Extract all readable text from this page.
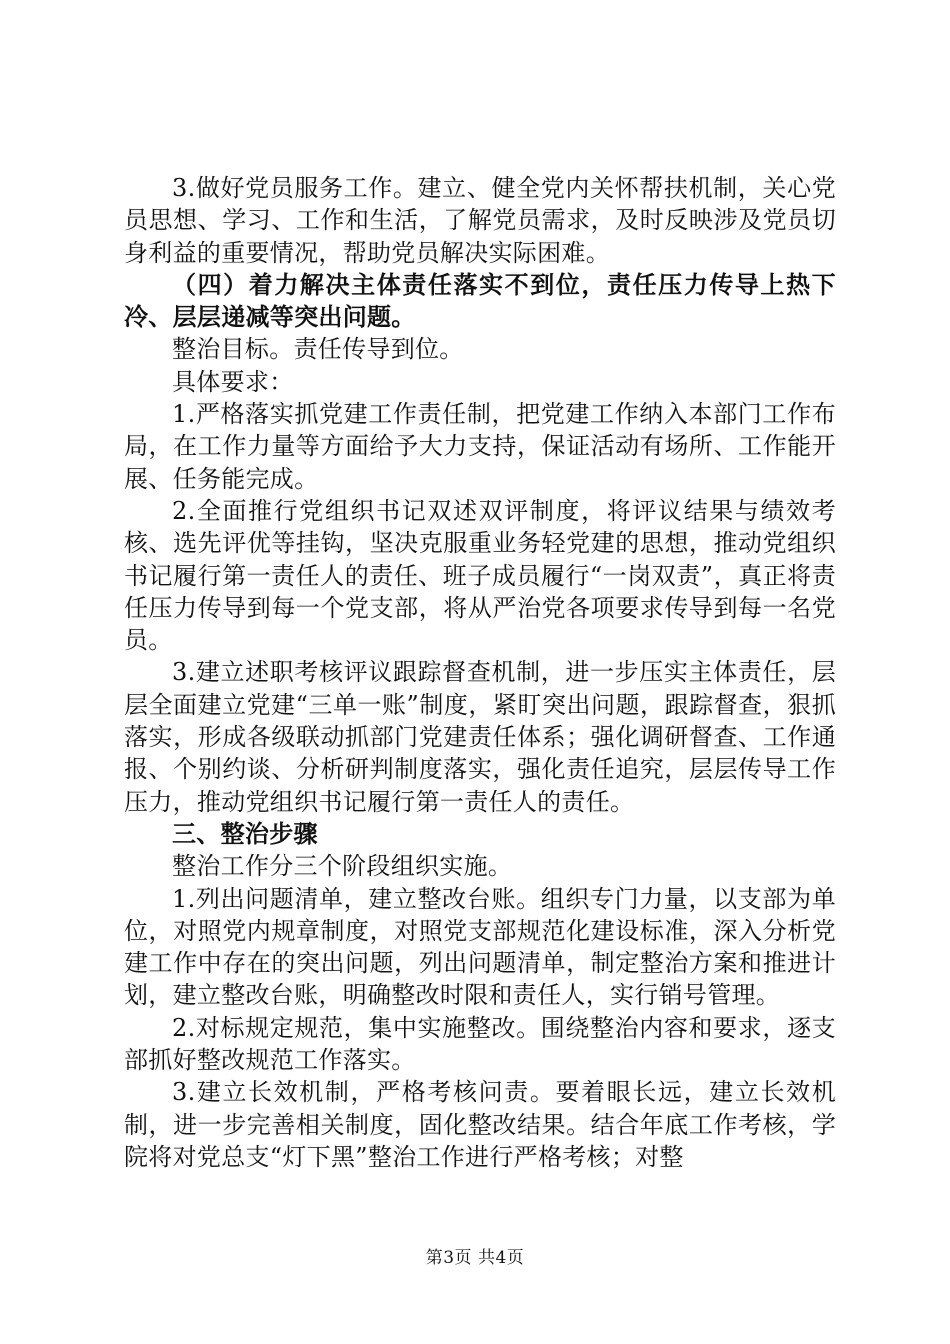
3.做好党员服务工作。建立、健全党内关怀帮扶机制，关心党员思想、学习、工作和生活，了解党员需求，及时反映涉及党员切身利益的重要情况，帮助党员解决实际困难。

（四）着力解决主体责任落实不到位，责任压力传导上热下冷、层层递减等突出问题。

整治目标。责任传导到位。

具体要求：

1.严格落实抓党建工作责任制，把党建工作纳入本部门工作布局，在工作力量等方面给予大力支持，保证活动有场所、工作能开展、任务能完成。

2.全面推行党组织书记双述双评制度，将评议结果与绩效考核、选先评优等挂钩，坚决克服重业务轻党建的思想，推动党组织书记履行第一责任人的责任、班子成员履行“一岗双责”，真正将责任压力传导到每一个党支部，将从严治党各项要求传导到每一名党员。

3.建立述职考核评议跟踪督查机制，进一步压实主体责任，层层全面建立党建“三单一账”制度，紧盯突出问题，跟踪督查，狠抓落实，形成各级联动抓部门党建责任体系；强化调研督查、工作通报、个别约谈、分析研判制度落实，强化责任追究，层层传导工作压力，推动党组织书记履行第一责任人的责任。

三、整治步骤

整治工作分三个阶段组织实施。

1.列出问题清单，建立整改台账。组织专门力量，以支部为单位，对照党内规章制度，对照党支部规范化建设标准，深入分析党建工作中存在的突出问题，列出问题清单，制定整治方案和推进计划，建立整改台账，明确整改时限和责任人，实行销号管理。

2.对标规定规范，集中实施整改。围绕整治内容和要求，逐支部抓好整改规范工作落实。

3.建立长效机制，严格考核问责。要着眼长远，建立长效机制，进一步完善相关制度，固化整改结果。结合年底工作考核，学院将对党总支“灯下黑”整治工作进行严格考核；对整

第3页 共4页
